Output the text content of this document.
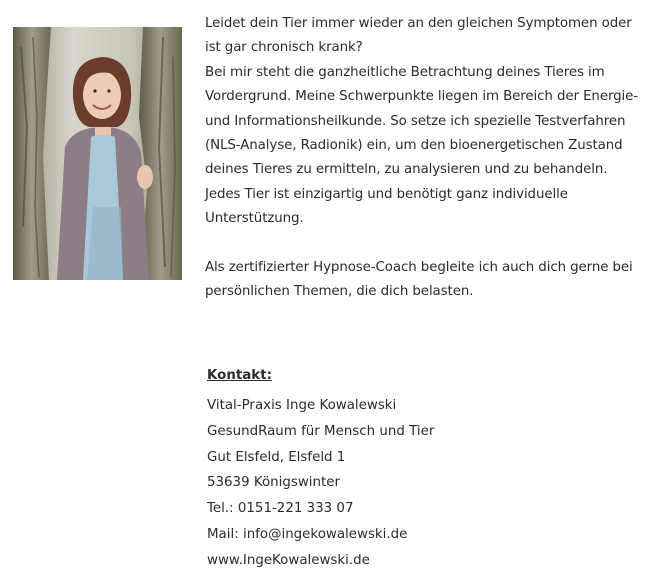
Leidet dein Tier immer wieder an den gleichen Symptomen oder
ist gar chronisch krank?
Bei mir steht die ganzheitliche Betrachtung deines Tieres im
Vordergrund. Meine Schwerpunkte liegen im Bereich der Energie-
und Informationsheilkunde. So setze ich spezielle Testverfahren
(NLS-Analyse, Radionik) ein, um den bioenergetischen Zustand
deines Tieres zu ermitteln, zu analysieren und zu behandeln.
Jedes Tier ist einzigartig und benötigt ganz individuelle
Unterstützung.

Als zertifizierter Hypnose-Coach begleite ich auch dich gerne bei
persönlichen Themen, die dich belasten.

Kontakt:
Vital-Praxis Inge Kowalewski
GesundRaum für Mensch und Tier
Gut Elsfeld, Elsfeld 1
53639 Königswinter
Tel.: 0151-221 333 07
Mail: info@ingekowalewski.de
www.IngeKowalewski.de
